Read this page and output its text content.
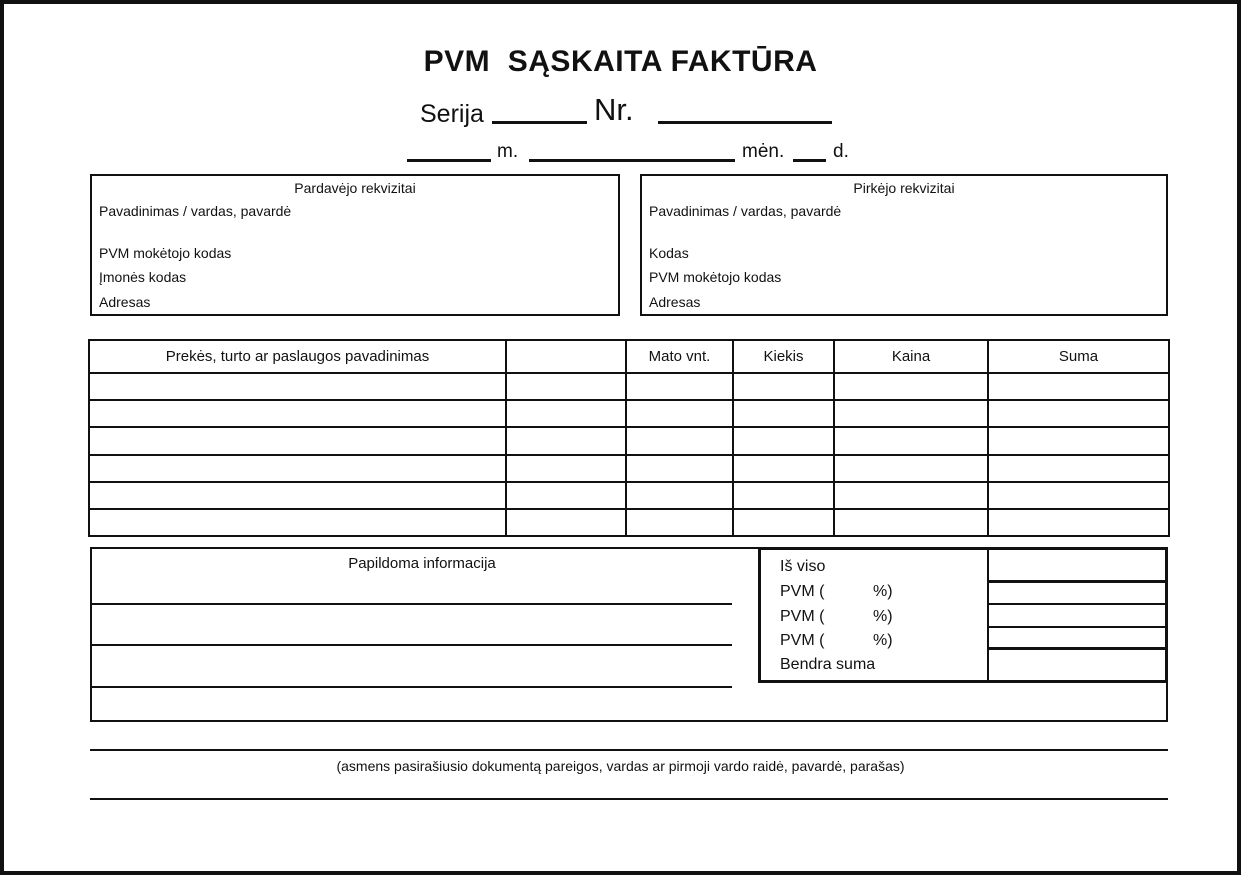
PVM  SĄSKAITA FAKTŪRA
Serija	Nr.
m.	mėn.	d.
Pardavėjo rekvizitai
Pavadinimas / vardas, pavardė
PVM mokėtojo kodas
Įmonės kodas
Adresas
Pirkėjo rekvizitai
Pavadinimas / vardas, pavardė
Kodas
PVM mokėtojo kodas
Adresas
Prekės, turto ar paslaugos pavadinimas		Mato vnt.	Kiekis	Kaina	Suma

Papildoma informacija	Iš viso
PVM (	%)
PVM (	%)
PVM (	%)
Bendra suma
(asmens pasirašiusio dokumentą pareigos, vardas ar pirmoji vardo raidė, pavardė, parašas)
